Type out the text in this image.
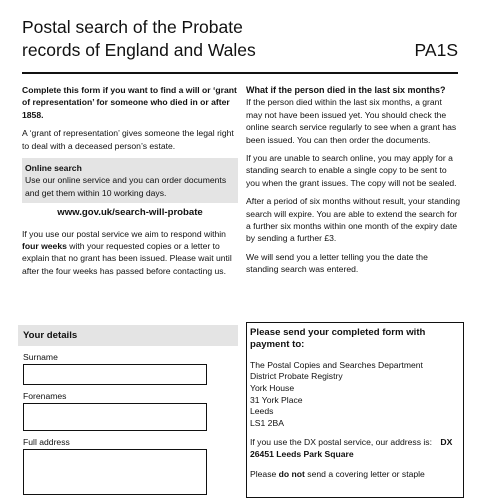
Postal search of the Probate
records of England and Wales	PA1S

Complete this form if you want to find a will or ‘grant of representation’ for someone who died in or after 1858.

A ‘grant of representation’ gives someone the legal right to deal with a deceased person’s estate.

Online search
Use our online service and you can order documents and get them within 10 working days.
www.gov.uk/search-will-probate

If you use our postal service we aim to respond within four weeks with your requested copies or a letter to explain that no grant has been issued. Please wait until after the four weeks has passed before contacting us.

What if the person died in the last six months?

If the person died within the last six months, a grant may not have been issued yet. You should check the online search service regularly to see when a grant has been issued. You can then order the documents.

If you are unable to search online, you may apply for a standing search to enable a single copy to be sent to you when the grant issues. The copy will not be sealed.

After a period of six months without result, your standing search will expire. You are able to extend the search for a further six months within one month of the expiry date by sending a further £3.

We will send you a letter telling you the date the standing search was entered.

Your details
Surname
Forenames
Full address
Please send your completed form with payment to:
The Postal Copies and Searches Department
District Probate Registry
York House
31 York Place
Leeds
LS1 2BA
If you use the DX postal service, our address is: DX 26451 Leeds Park Square
Please do not send a covering letter or staple
